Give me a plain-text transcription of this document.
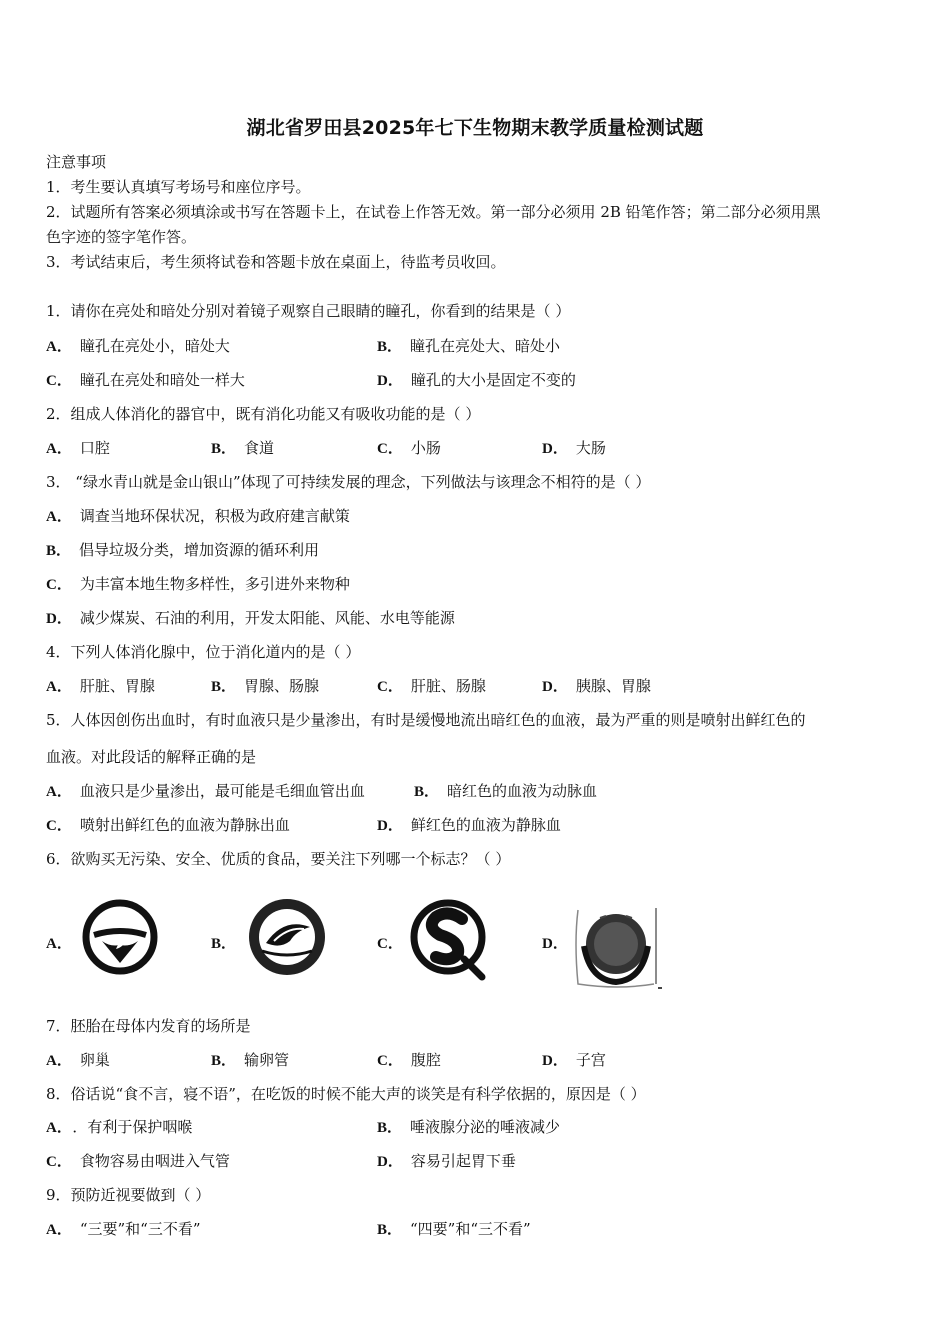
湖北省罗田县2025年七下生物期末教学质量检测试题
注意事项
1．考生要认真填写考场号和座位序号。
2．试题所有答案必须填涂或书写在答题卡上，在试卷上作答无效。第一部分必须用 2B 铅笔作答；第二部分必须用黑
色字迹的签字笔作答。
3．考试结束后，考生须将试卷和答题卡放在桌面上，待监考员收回。
1．请你在亮处和暗处分别对着镜子观察自己眼睛的瞳孔，你看到的结果是（ ）
A． 瞳孔在亮处小，暗处大	B． 瞳孔在亮处大、暗处小
C． 瞳孔在亮处和暗处一样大	D． 瞳孔的大小是固定不变的
2．组成人体消化的器官中，既有消化功能又有吸收功能的是（ ）
A． 口腔	B． 食道	C． 小肠	D． 大肠
3． “绿水青山就是金山银山”体现了可持续发展的理念，下列做法与该理念不相符的是（ ）
A． 调查当地环保状况，积极为政府建言献策
B． 倡导垃圾分类，增加资源的循环利用
C． 为丰富本地生物多样性，多引进外来物种
D． 减少煤炭、石油的利用，开发太阳能、风能、水电等能源
4．下列人体消化腺中，位于消化道内的是（ ）
A． 肝脏、胃腺	B． 胃腺、肠腺	C． 肝脏、肠腺	D． 胰腺、胃腺
5．人体因创伤出血时，有时血液只是少量渗出，有时是缓慢地流出暗红色的血液，最为严重的则是喷射出鲜红色的
血液。对此段话的解释正确的是
A． 血液只是少量渗出，最可能是毛细血管出血	B． 暗红色的血液为动脉血
C． 喷射出鲜红色的血液为静脉出血	D． 鲜红色的血液为静脉血
6．欲购买无污染、安全、优质的食品，要关注下列哪一个标志？（ ）
A．	B．	C．	D．
7．胚胎在母体内发育的场所是
A． 卵巢	B． 输卵管	C． 腹腔	D． 子宫
8．俗话说“食不言，寝不语”，在吃饭的时候不能大声的谈笑是有科学依据的，原因是（ ）
A． ．有利于保护咽喉	B． 唾液腺分泌的唾液减少
C． 食物容易由咽进入气管	D． 容易引起胃下垂
9．预防近视要做到（ ）
A． “三要”和“三不看”	B． “四要”和“三不看”
